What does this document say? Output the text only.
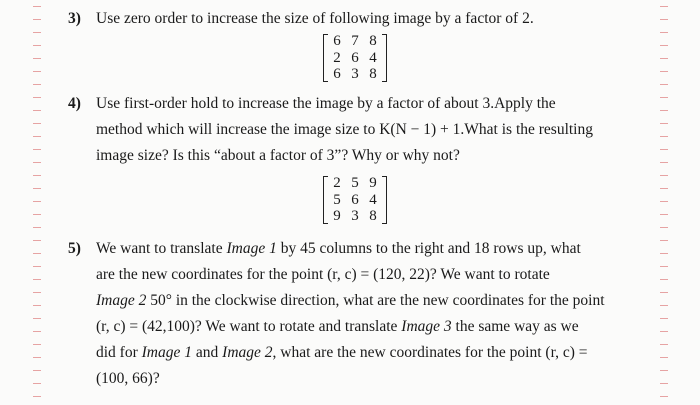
3) Use zero order to increase the size of following image by a factor of 2.

6 7 8
2 6 4
6 3 8
4) Use first-order hold to increase the image by a factor of about 3.Apply the

method which will increase the image size to K(N − 1) + 1.What is the resulting

image size? Is this “about a factor of 3”? Why or why not?

2 5 9
5 6 4
9 3 8
5) We want to translate Image 1 by 45 columns to the right and 18 rows up, what

are the new coordinates for the point (r, c) = (120, 22)? We want to rotate

Image 2 50° in the clockwise direction, what are the new coordinates for the point

(r, c) = (42,100)? We want to rotate and translate Image 3 the same way as we

did for Image 1 and Image 2, what are the new coordinates for the point (r, c) =

(100, 66)?
